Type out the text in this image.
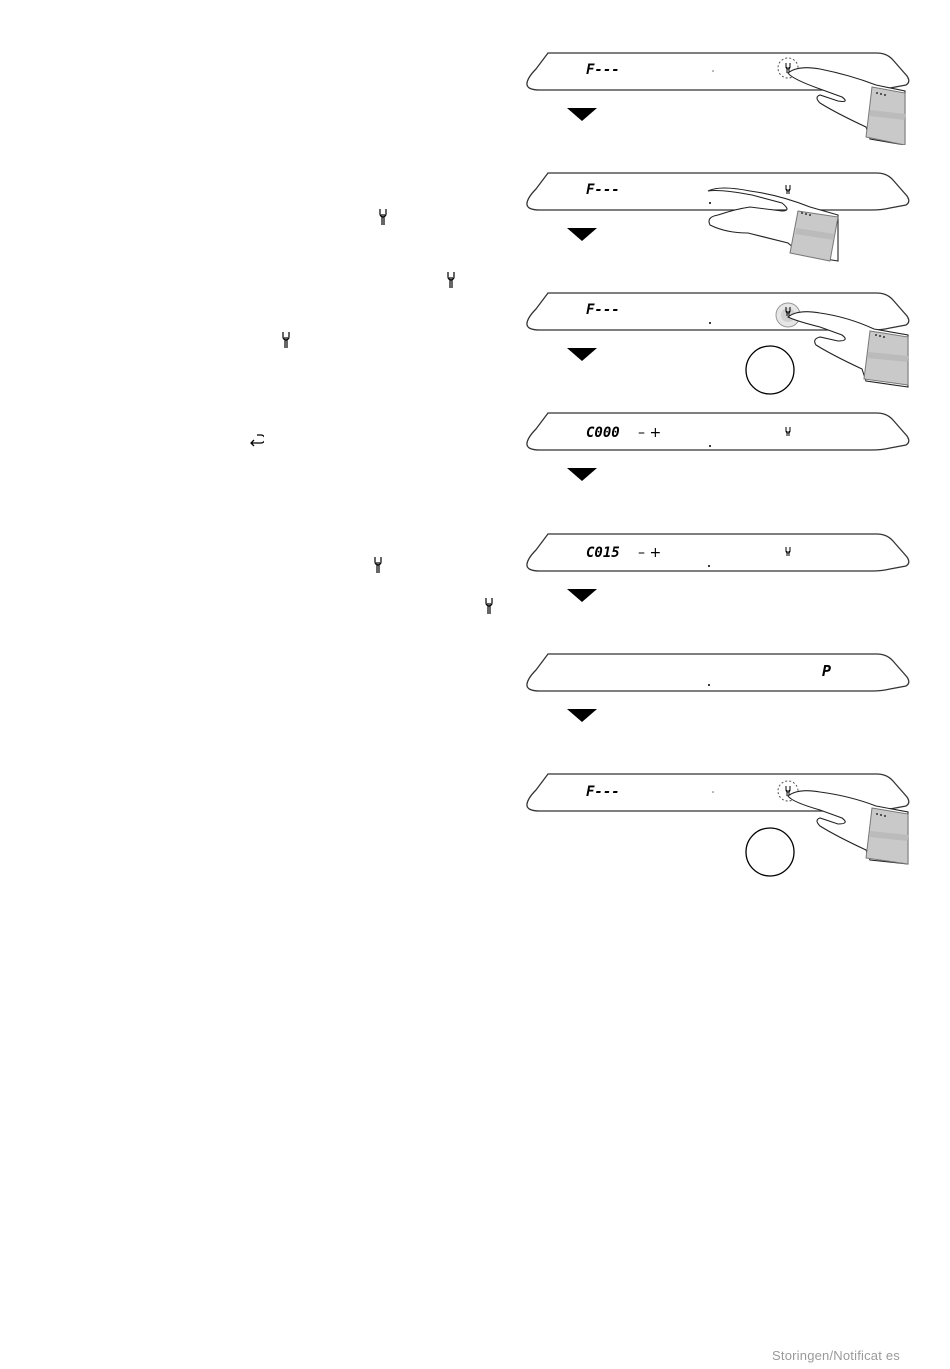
F---
F---
F---
C000 – +
C015 – +
P
F---
Storingen/Notificat es
